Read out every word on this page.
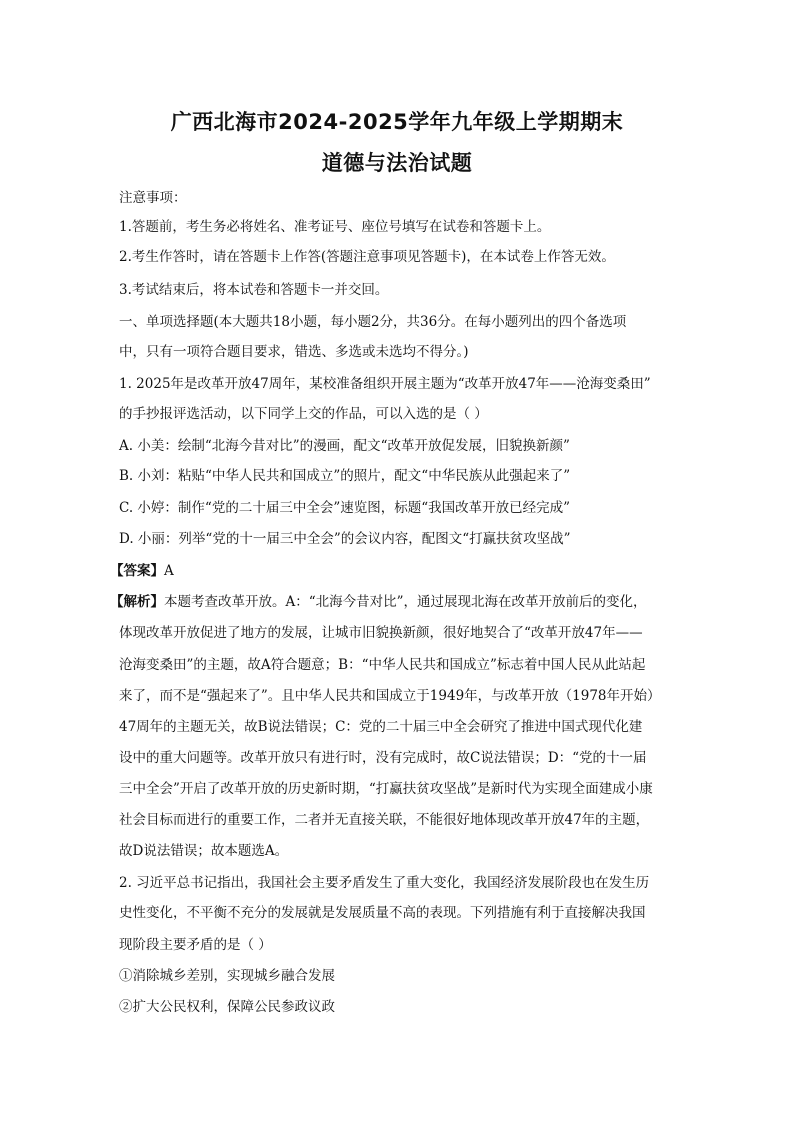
广西北海市2024-2025学年九年级上学期期末
道德与法治试题
注意事项：
1.答题前，考生务必将姓名、准考证号、座位号填写在试卷和答题卡上。
2.考生作答时，请在答题卡上作答(答题注意事项见答题卡)，在本试卷上作答无效。
3.考试结束后，将本试卷和答题卡一并交回。
一、单项选择题(本大题共18小题，每小题2分，共36分。在每小题列出的四个备选项
中，只有一项符合题目要求，错选、多选或未选均不得分。)
1. 2025年是改革开放47周年，某校准备组织开展主题为“改革开放47年——沧海变桑田”
的手抄报评选活动，以下同学上交的作品，可以入选的是（ ）
A. 小美：绘制“北海今昔对比”的漫画，配文“改革开放促发展，旧貌换新颜”
B. 小刘：粘贴“中华人民共和国成立”的照片，配文“中华民族从此强起来了”
C. 小婷：制作“党的二十届三中全会”速览图，标题“我国改革开放已经完成”
D. 小丽：列举“党的十一届三中全会”的会议内容，配图文“打赢扶贫攻坚战”
【答案】A
【解析】本题考查改革开放。A：“北海今昔对比”，通过展现北海在改革开放前后的变化，
体现改革开放促进了地方的发展，让城市旧貌换新颜，很好地契合了“改革开放47年——
沧海变桑田”的主题，故A符合题意；B：“中华人民共和国成立”标志着中国人民从此站起
来了，而不是“强起来了”。且中华人民共和国成立于1949年，与改革开放（1978年开始）
47周年的主题无关，故B说法错误；C：党的二十届三中全会研究了推进中国式现代化建
设中的重大问题等。改革开放只有进行时，没有完成时，故C说法错误；D：“党的十一届
三中全会”开启了改革开放的历史新时期，“打赢扶贫攻坚战”是新时代为实现全面建成小康
社会目标而进行的重要工作，二者并无直接关联，不能很好地体现改革开放47年的主题，
故D说法错误；故本题选A。
2. 习近平总书记指出，我国社会主要矛盾发生了重大变化，我国经济发展阶段也在发生历
史性变化，不平衡不充分的发展就是发展质量不高的表现。下列措施有利于直接解决我国
现阶段主要矛盾的是（ ）
①消除城乡差别，实现城乡融合发展
②扩大公民权利，保障公民参政议政
